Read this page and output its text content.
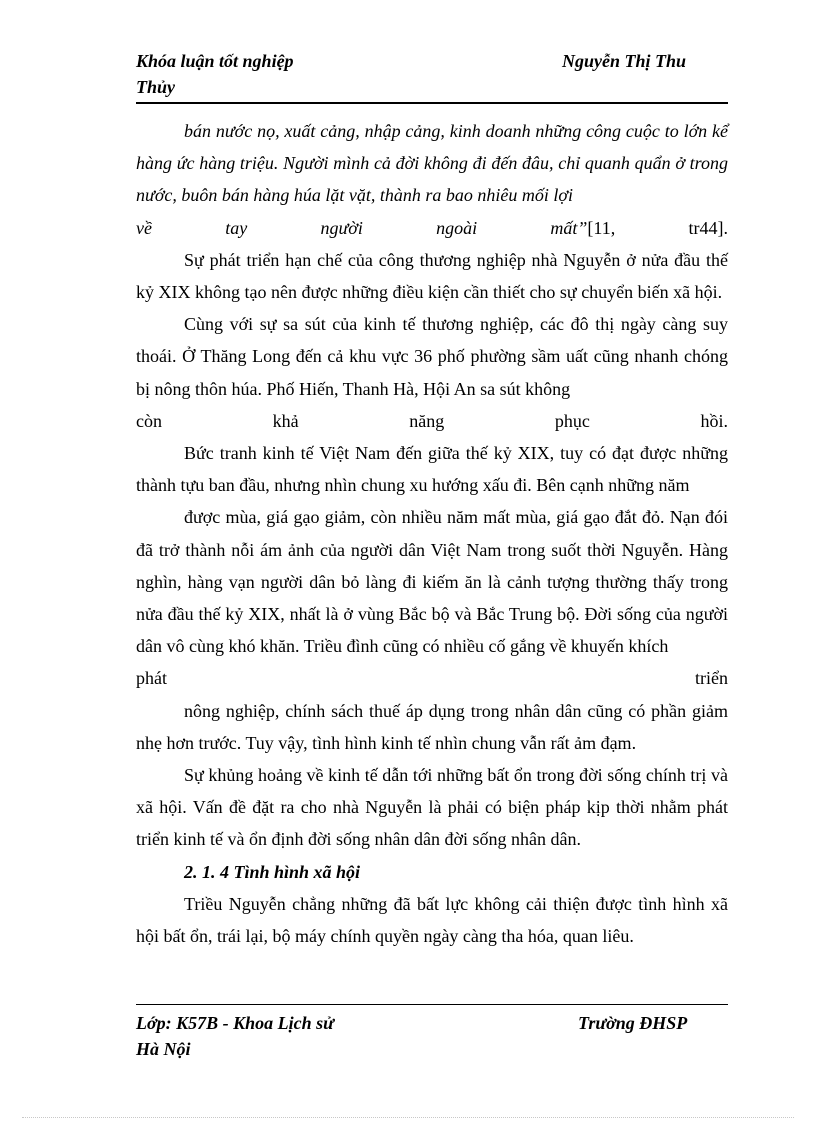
Khóa luận tốt nghiệp
Thủy
Nguyễn Thị Thu

bán nước nọ, xuất cảng, nhập cảng, kinh doanh những công cuộc to lớn kể hàng ức hàng triệu. Người mình cả đời không đi đến đâu, chỉ quanh quẩn ở trong nước, buôn bán hàng húa lặt vặt, thành ra bao nhiêu mối lợi

về tay người ngoài mất”[11, tr44].

Sự phát triển hạn chế của công thương nghiệp nhà Nguyễn ở nửa đầu thế kỷ XIX không tạo nên được những điều kiện cần thiết cho sự chuyển biến xã hội.

Cùng với sự sa sút của kinh tế thương nghiệp, các đô thị ngày càng suy thoái. Ở Thăng Long đến cả khu vực 36 phố phường sầm uất cũng nhanh chóng bị nông thôn húa. Phố Hiến, Thanh Hà, Hội An sa sút không

còn khả năng phục hồi.

Bức tranh kinh tế Việt Nam đến giữa thế kỷ XIX, tuy có đạt được những thành tựu ban đầu, nhưng nhìn chung xu hướng xấu đi. Bên cạnh những năm

được mùa, giá gạo giảm, còn nhiều năm mất mùa, giá gạo đắt đỏ. Nạn đói đã trở thành nỗi ám ảnh của người dân Việt Nam trong suốt thời Nguyễn. Hàng nghìn, hàng vạn người dân bỏ làng đi kiếm ăn là cảnh tượng thường thấy trong nửa đầu thế kỷ XIX, nhất là ở vùng Bắc bộ và Bắc Trung bộ. Đời sống của người dân vô cùng khó khăn. Triều đình cũng có nhiều cố gắng về khuyến khích

phát triển

nông nghiệp, chính sách thuế áp dụng trong nhân dân cũng có phần giảm nhẹ hơn trước. Tuy vậy, tình hình kinh tế nhìn chung vẫn rất ảm đạm.

Sự khủng hoảng về kinh tế dẫn tới những bất ổn trong đời sống chính trị và xã hội. Vấn đề đặt ra cho nhà Nguyễn là phải có biện pháp kịp thời nhằm phát triển kinh tế và ổn định đời sống nhân dân đời sống nhân dân.

2. 1. 4 Tình hình xã hội

Triều Nguyễn chẳng những đã bất lực không cải thiện được tình hình xã hội bất ổn, trái lại, bộ máy chính quyền ngày càng tha hóa, quan liêu.

Lớp: K57B - Khoa Lịch sử
Hà Nội
Trường ĐHSP
